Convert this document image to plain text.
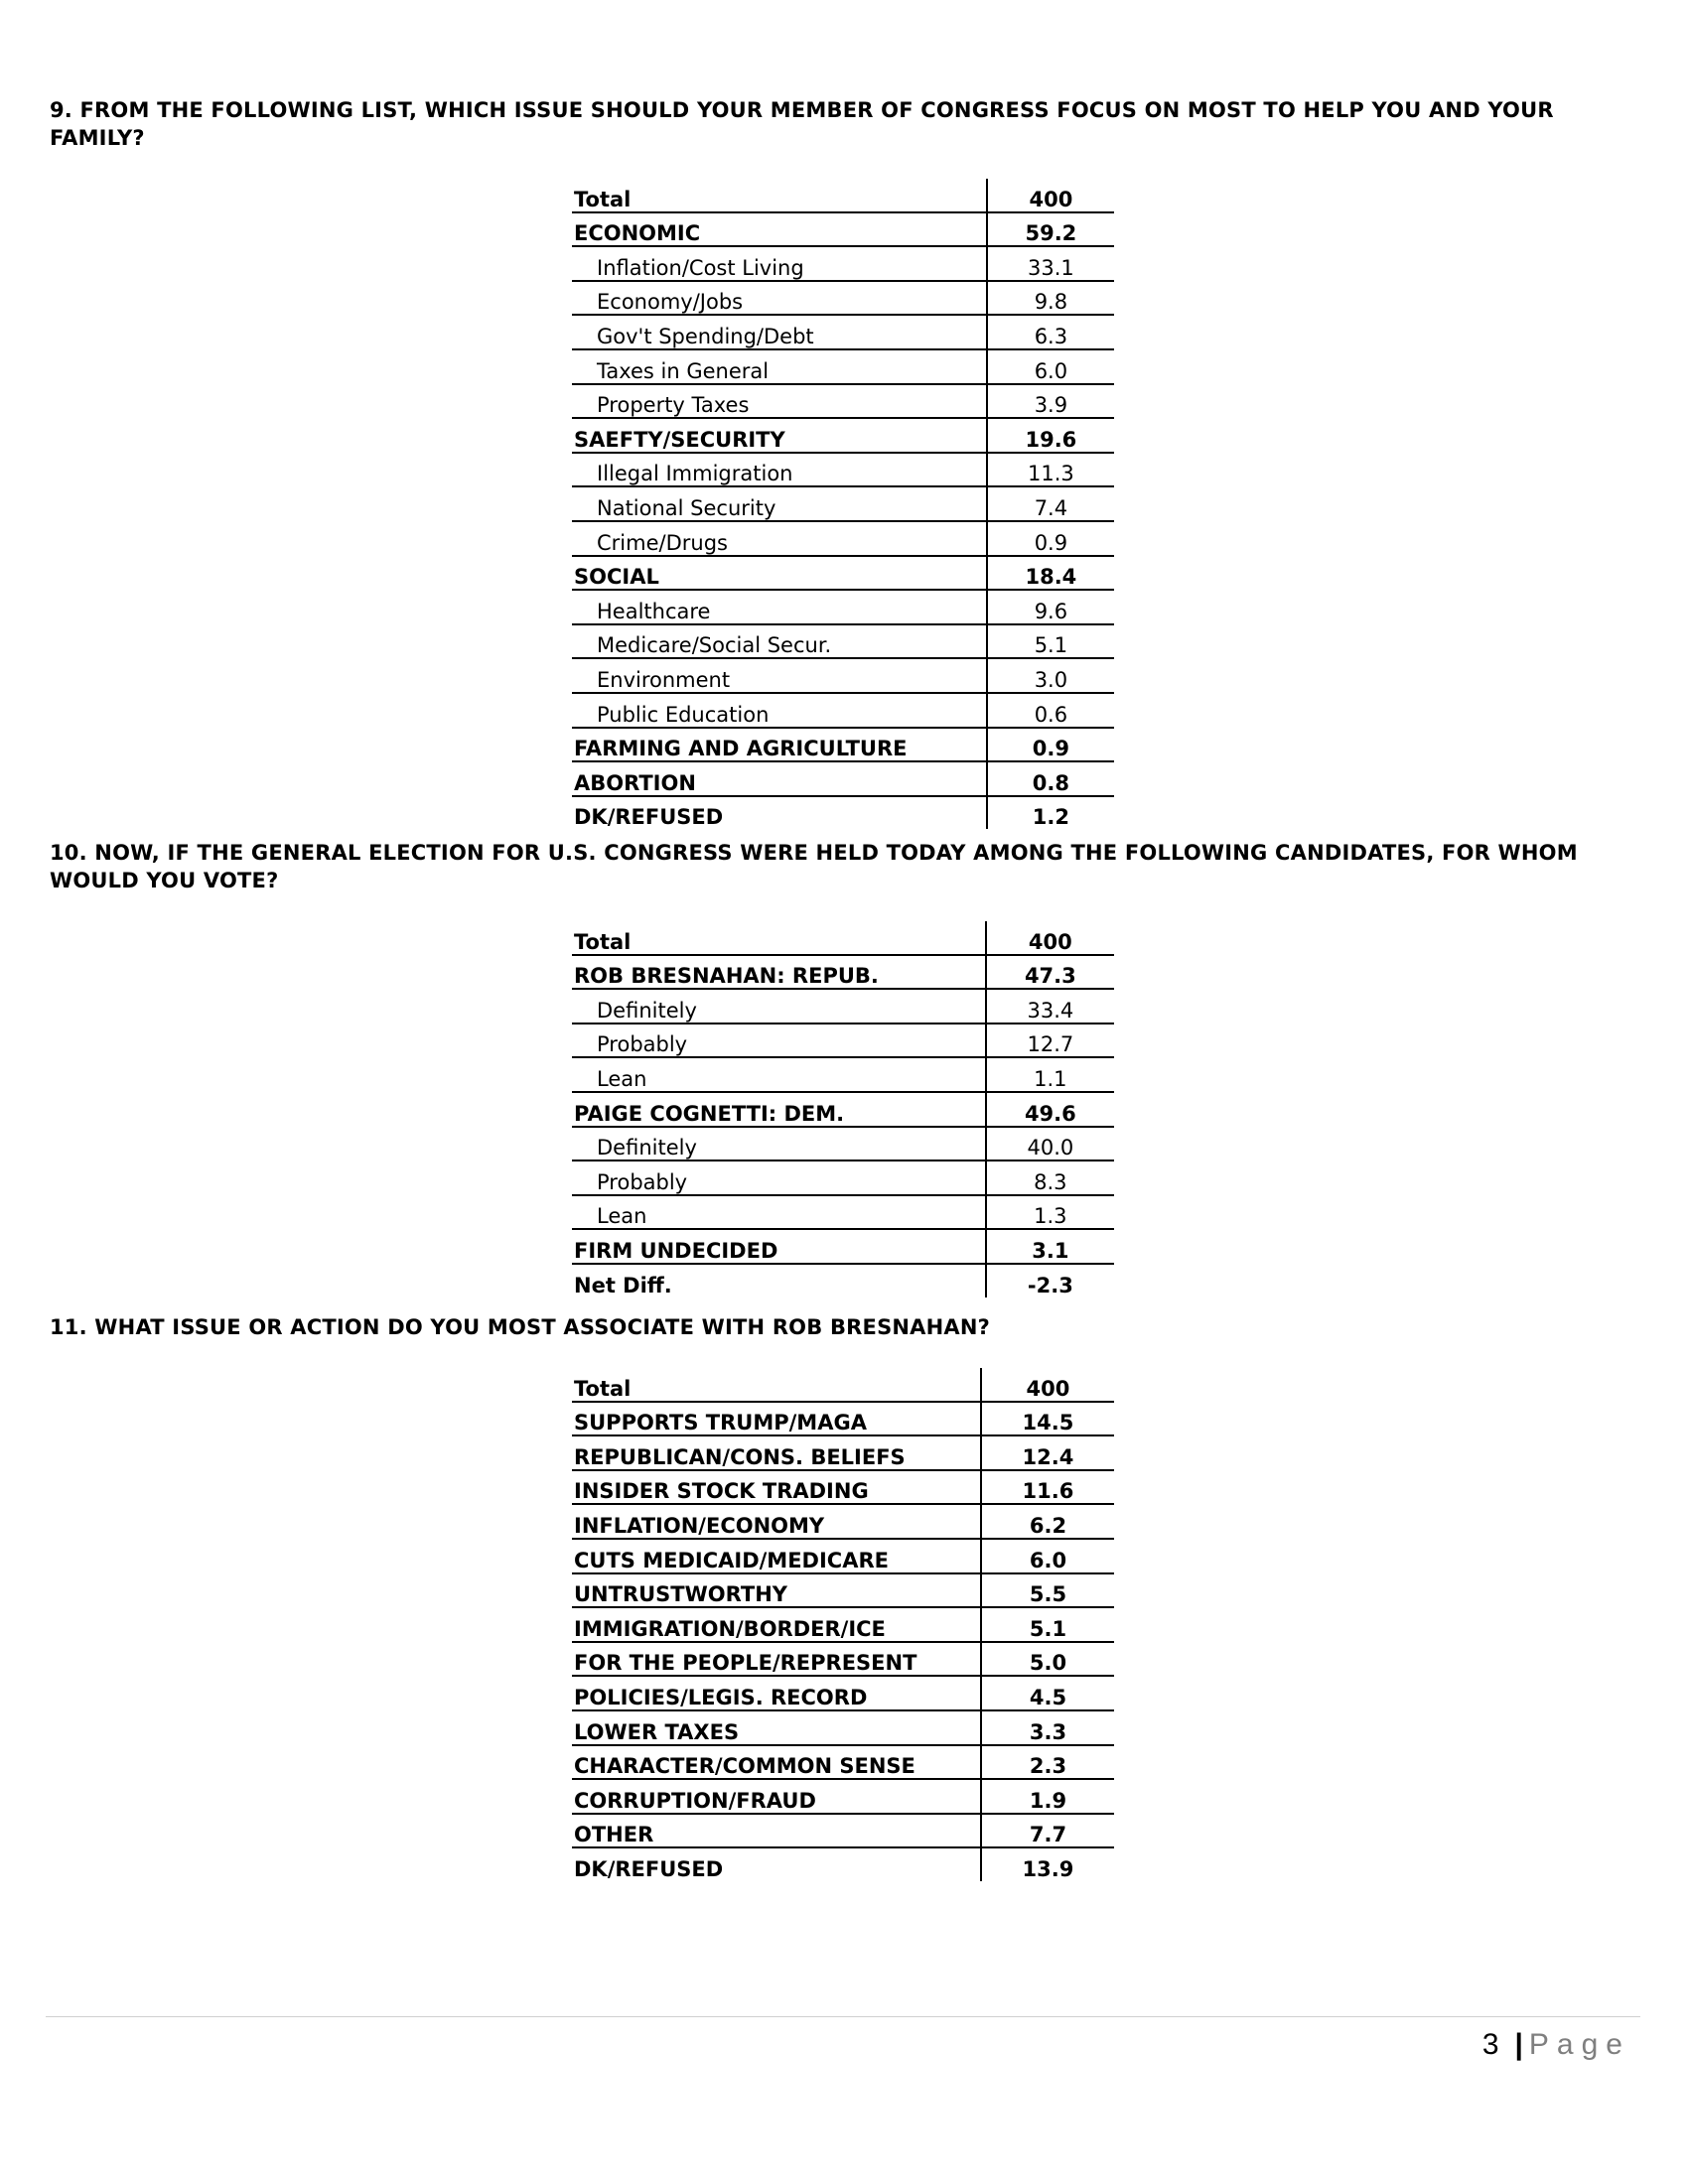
9. FROM THE FOLLOWING LIST, WHICH ISSUE SHOULD YOUR MEMBER OF CONGRESS FOCUS ON MOST TO HELP YOU AND YOUR FAMILY?
Total	400
ECONOMIC	59.2
Inflation/Cost Living	33.1
Economy/Jobs	9.8
Gov't Spending/Debt	6.3
Taxes in General	6.0
Property Taxes	3.9
SAEFTY/SECURITY	19.6
Illegal Immigration	11.3
National Security	7.4
Crime/Drugs	0.9
SOCIAL	18.4
Healthcare	9.6
Medicare/Social Secur.	5.1
Environment	3.0
Public Education	0.6
FARMING AND AGRICULTURE	0.9
ABORTION	0.8
DK/REFUSED	1.2
10. NOW, IF THE GENERAL ELECTION FOR U.S. CONGRESS WERE HELD TODAY AMONG THE FOLLOWING CANDIDATES, FOR WHOM WOULD YOU VOTE?
Total	400
ROB BRESNAHAN: REPUB.	47.3
Definitely	33.4
Probably	12.7
Lean	1.1
PAIGE COGNETTI: DEM.	49.6
Definitely	40.0
Probably	8.3
Lean	1.3
FIRM UNDECIDED	3.1
Net Diff.	-2.3
11. WHAT ISSUE OR ACTION DO YOU MOST ASSOCIATE WITH ROB BRESNAHAN?
Total	400
SUPPORTS TRUMP/MAGA	14.5
REPUBLICAN/CONS. BELIEFS	12.4
INSIDER STOCK TRADING	11.6
INFLATION/ECONOMY	6.2
CUTS MEDICAID/MEDICARE	6.0
UNTRUSTWORTHY	5.5
IMMIGRATION/BORDER/ICE	5.1
FOR THE PEOPLE/REPRESENT	5.0
POLICIES/LEGIS. RECORD	4.5
LOWER TAXES	3.3
CHARACTER/COMMON SENSE	2.3
CORRUPTION/FRAUD	1.9
OTHER	7.7
DK/REFUSED	13.9
3 | Page
